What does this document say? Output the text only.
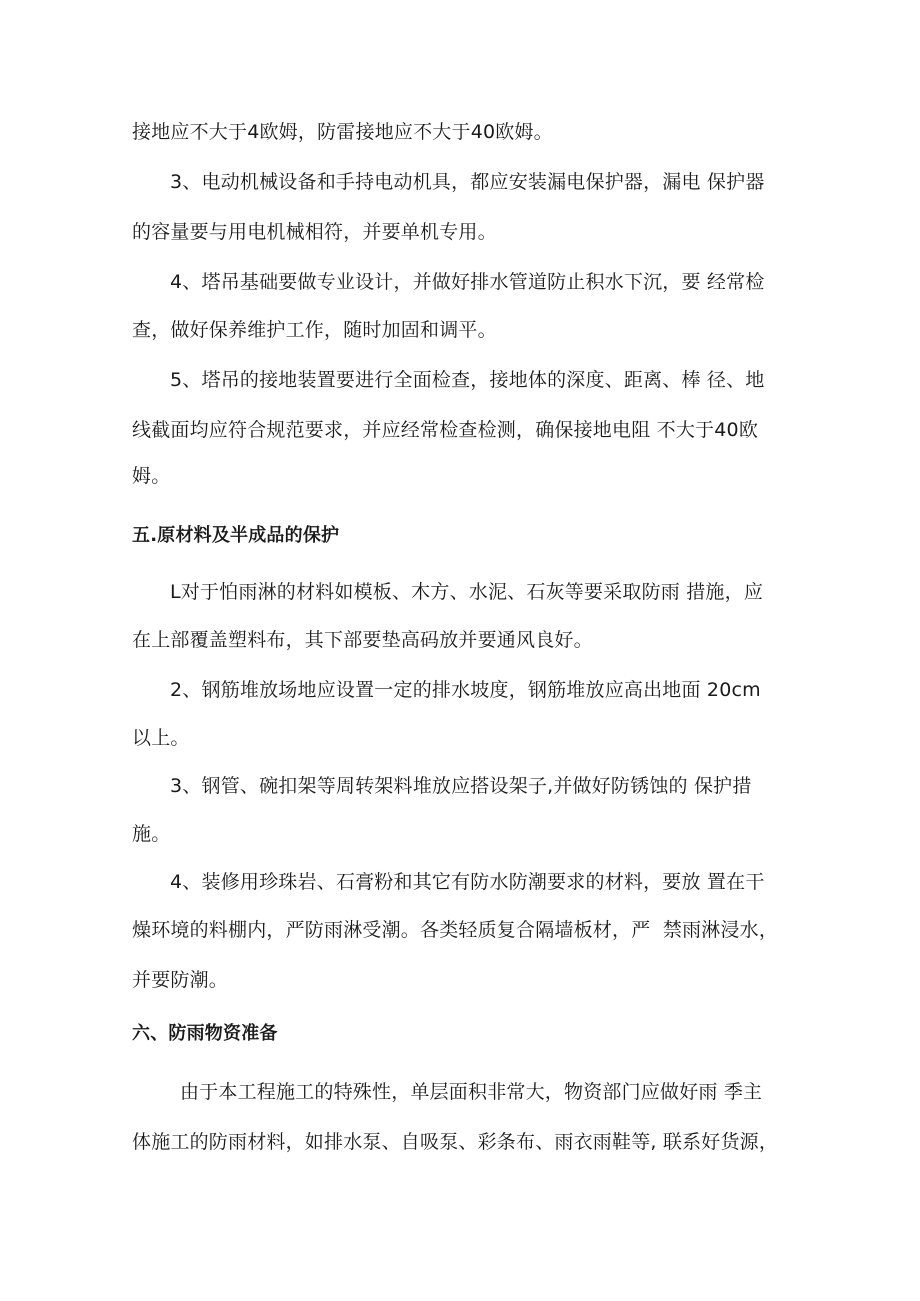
接地应不大于4欧姆，防雷接地应不大于40欧姆。
3、电动机械设备和手持电动机具，都应安装漏电保护器，漏电 保护器
的容量要与用电机械相符，并要单机专用。
4、塔吊基础要做专业设计，并做好排水管道防止积水下沉，要 经常检
查，做好保养维护工作，随时加固和调平。
5、塔吊的接地装置要进行全面检查，接地体的深度、距离、棒 径、地
线截面均应符合规范要求，并应经常检查检测，确保接地电阻 不大于40欧
姆。
五.原材料及半成品的保护
L对于怕雨淋的材料如模板、木方、水泥、石灰等要采取防雨 措施，应
在上部覆盖塑料布，其下部要垫高码放并要通风良好。
2、钢筋堆放场地应设置一定的排水坡度，钢筋堆放应高出地面 20cm
以上。
3、钢管、碗扣架等周转架料堆放应搭设架子,并做好防锈蚀的 保护措
施。
4、装修用珍珠岩、石膏粉和其它有防水防潮要求的材料，要放 置在干
燥环境的料棚内，严防雨淋受潮。各类轻质复合隔墙板材，严  禁雨淋浸水，
并要防潮。
六、防雨物资准备
由于本工程施工的特殊性，单层面积非常大，物资部门应做好雨 季主
体施工的防雨材料，如排水泵、自吸泵、彩条布、雨衣雨鞋等, 联系好货源，
